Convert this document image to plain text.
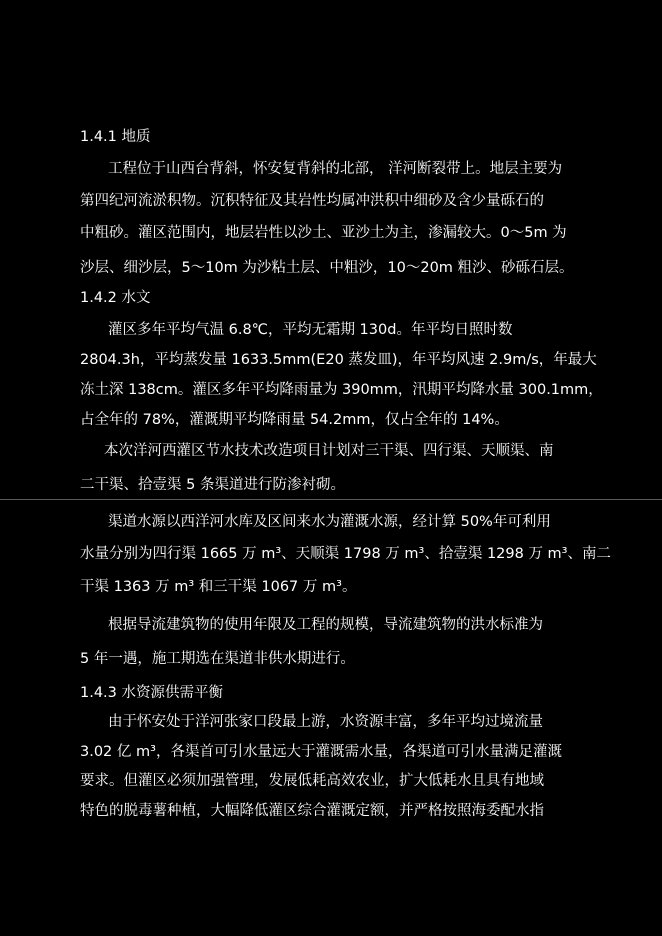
1.4.1 地质
工程位于山西台背斜，怀安复背斜的北部， 洋河断裂带上。地层主要为
第四纪河流淤积物。沉积特征及其岩性均属冲洪积中细砂及含少量砾石的
中粗砂。灌区范围内，地层岩性以沙土、亚沙土为主，渗漏较大。0～5m 为
沙层、细沙层，5～10m 为沙粘土层、中粗沙，10～20m 粗沙、砂砾石层。
1.4.2 水文
灌区多年平均气温 6.8℃，平均无霜期 130d。年平均日照时数
2804.3h，平均蒸发量 1633.5mm(E20 蒸发皿)，年平均风速 2.9m/s，年最大
冻土深 138cm。灌区多年平均降雨量为 390mm，汛期平均降水量 300.1mm，
占全年的 78%，灌溉期平均降雨量 54.2mm，仅占全年的 14%。
本次洋河西灌区节水技术改造项目计划对三干渠、四行渠、天顺渠、南
二干渠、拾壹渠 5 条渠道进行防渗衬砌。
渠道水源以西洋河水库及区间来水为灌溉水源，经计算 50%年可利用
水量分别为四行渠 1665 万 m³、天顺渠 1798 万 m³、拾壹渠 1298 万 m³、南二
干渠 1363 万 m³ 和三干渠 1067 万 m³。
根据导流建筑物的使用年限及工程的规模，导流建筑物的洪水标准为
5 年一遇，施工期选在渠道非供水期进行。
1.4.3 水资源供需平衡
由于怀安处于洋河张家口段最上游，水资源丰富，多年平均过境流量
3.02 亿 m³，各渠首可引水量远大于灌溉需水量，各渠道可引水量满足灌溉
要求。但灌区必须加强管理，发展低耗高效农业，扩大低耗水且具有地域
特色的脱毒薯种植，大幅降低灌区综合灌溉定额，并严格按照海委配水指
